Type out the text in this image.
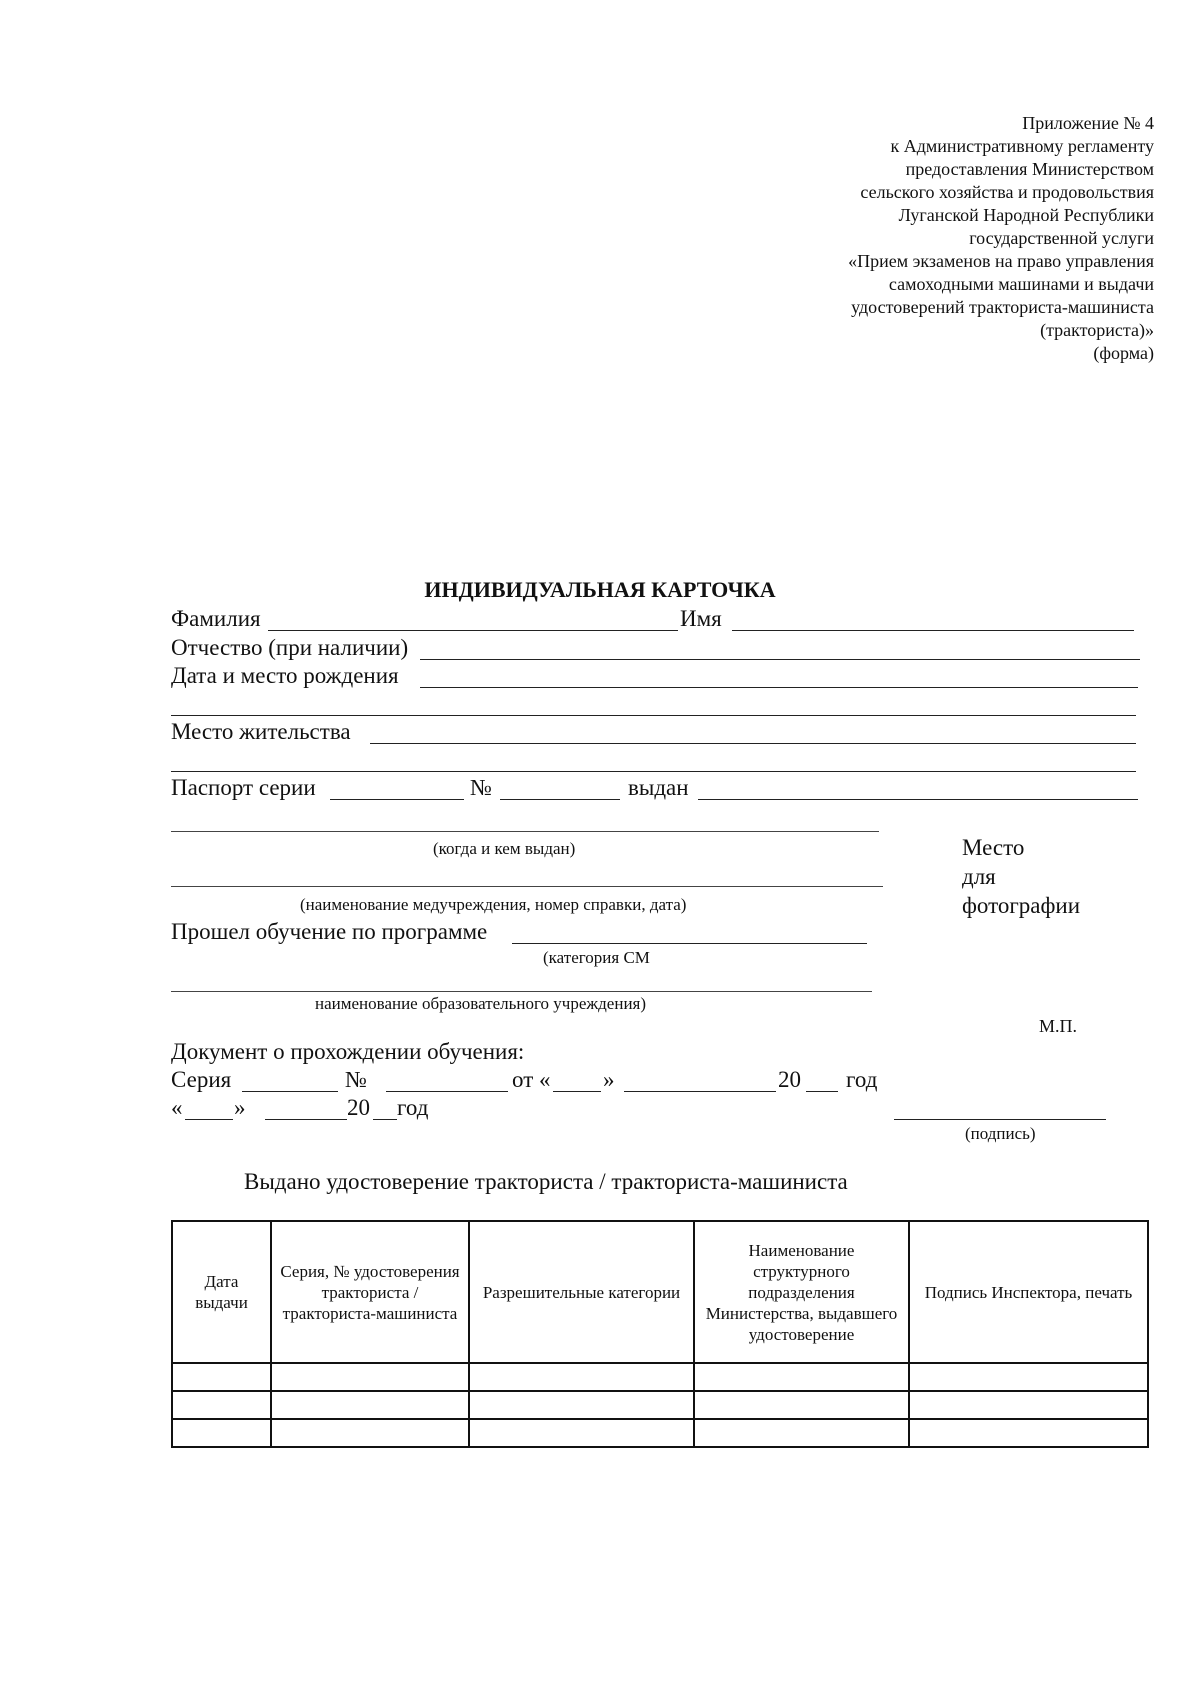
Приложение № 4
к Административному регламенту
предоставления Министерством
сельского хозяйства и продовольствия
Луганской Народной Республики
государственной услуги
«Прием экзаменов на право управления
самоходными машинами и выдачи
удостоверений тракториста-машиниста
(тракториста)»
(форма)
ИНДИВИДУАЛЬНАЯ КАРТОЧКА
Фамилия	Имя
Отчество (при наличии)
Дата и место рождения
Место жительства
Паспорт серии	№	выдан
(когда и кем выдан)
(наименование медучреждения, номер справки, дата)
Прошел обучение по программе
(категория СМ
наименование образовательного учреждения)
Место
для
фотографии
М.П.
Документ о прохождении обучения:
Серия	№	от « »	20 год
« »	20 год
(подпись)
Выдано удостоверение тракториста / тракториста-машиниста
Дата выдачи	Серия, № удостоверения тракториста / тракториста-машиниста	Разрешительные категории	Наименование структурного подразделения Министерства, выдавшего удостоверение	Подпись Инспектора, печать
